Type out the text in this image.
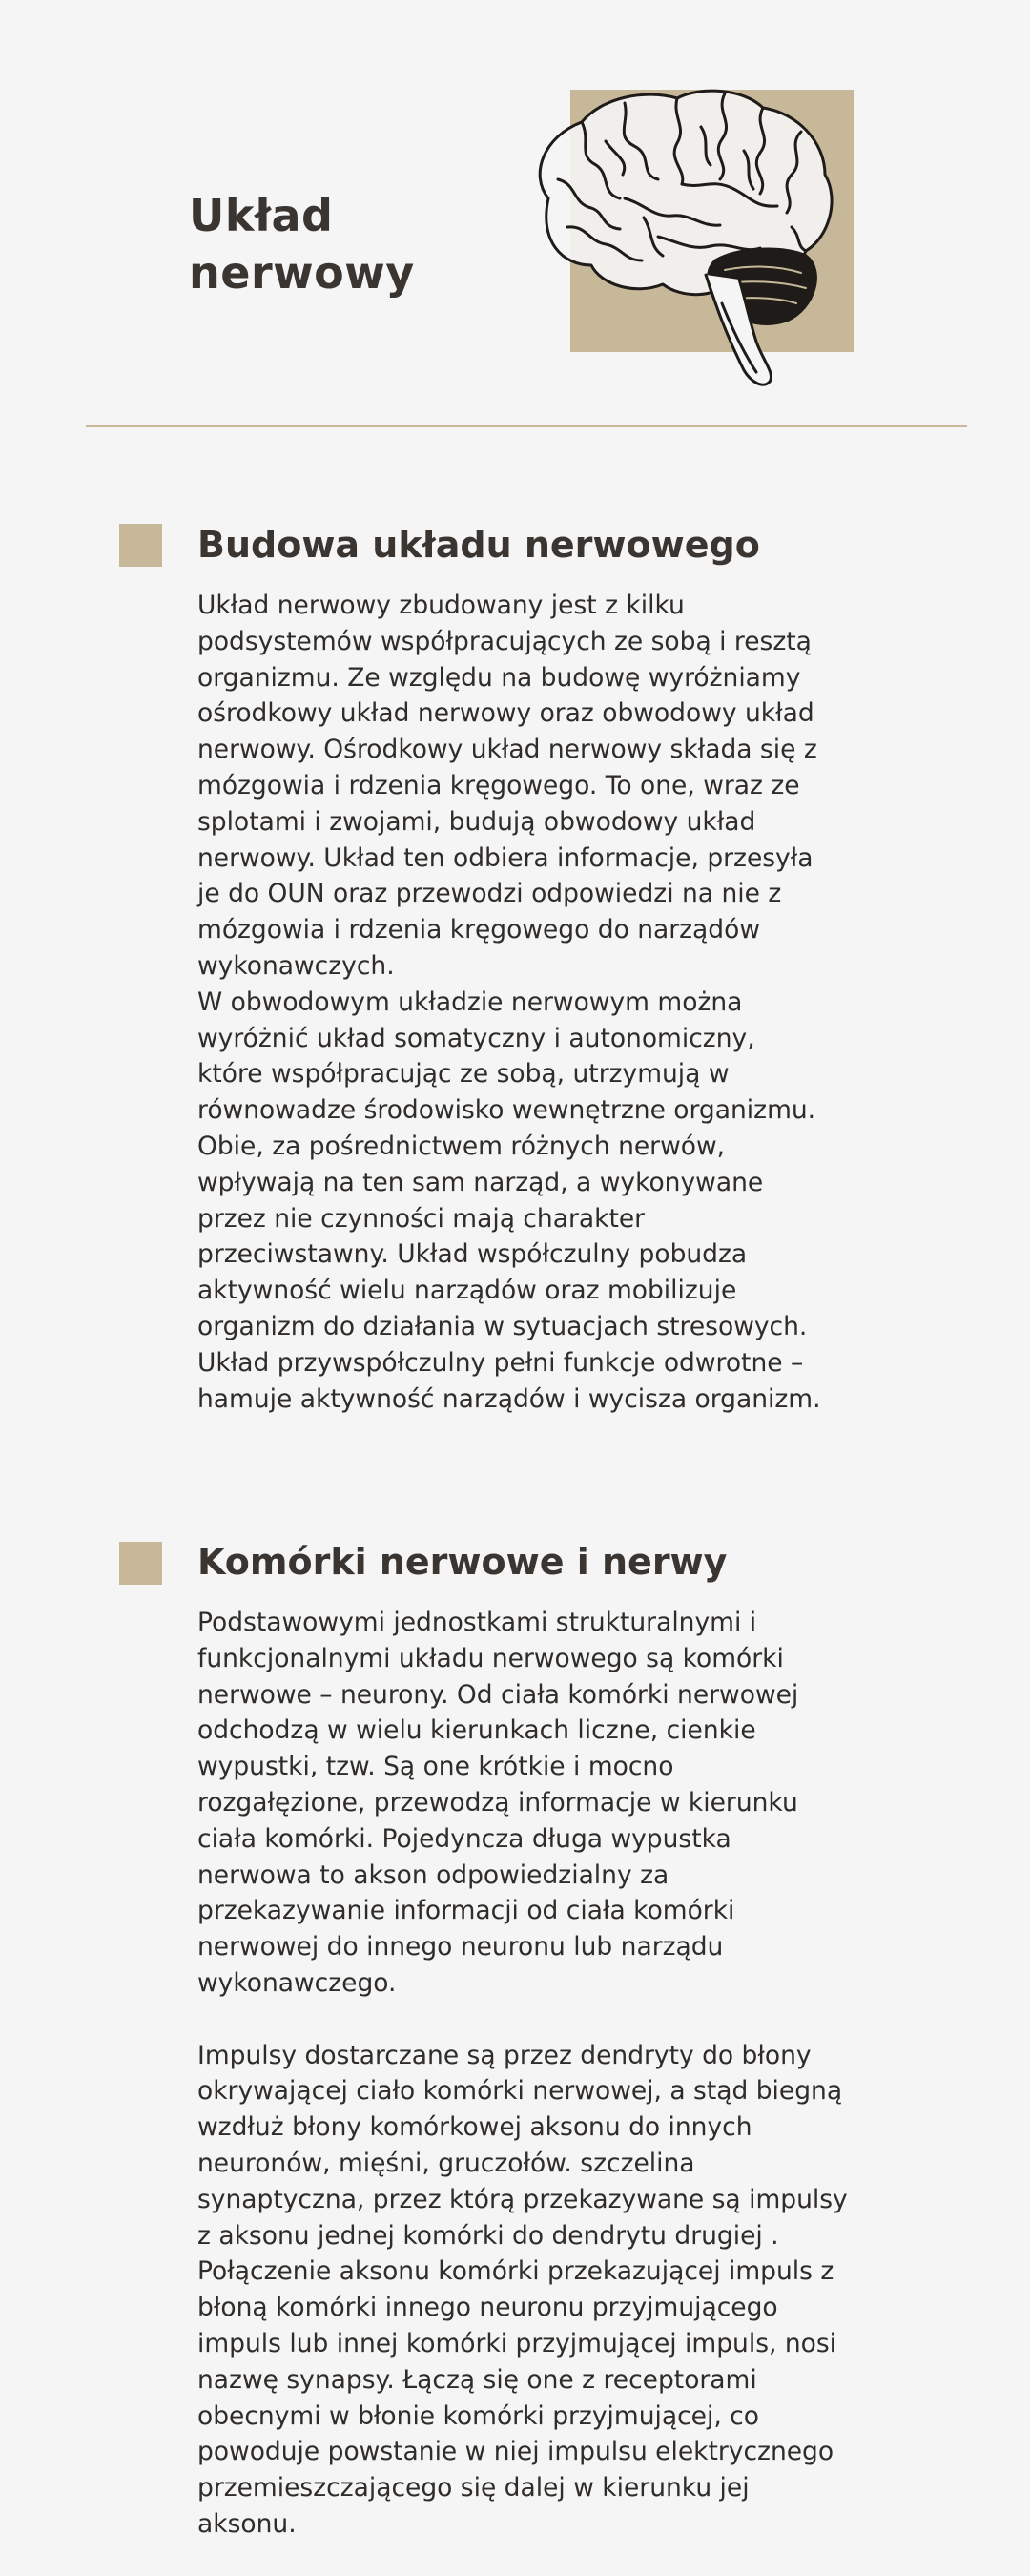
Układ
nerwowy
Budowa układu nerwowego

Układ nerwowy zbudowany jest z kilku
podsystemów współpracujących ze sobą i resztą
organizmu. Ze względu na budowę wyróżniamy
ośrodkowy układ nerwowy oraz obwodowy układ
nerwowy. Ośrodkowy układ nerwowy składa się z
mózgowia i rdzenia kręgowego. To one, wraz ze
splotami i zwojami, budują obwodowy układ
nerwowy. Układ ten odbiera informacje, przesyła
je do OUN oraz przewodzi odpowiedzi na nie z
mózgowia i rdzenia kręgowego do narządów
wykonawczych.
W obwodowym układzie nerwowym można
wyróżnić układ somatyczny i autonomiczny,
które współpracując ze sobą, utrzymują w
równowadze środowisko wewnętrzne organizmu.
Obie, za pośrednictwem różnych nerwów,
wpływają na ten sam narząd, a wykonywane
przez nie czynności mają charakter
przeciwstawny. Układ współczulny pobudza
aktywność wielu narządów oraz mobilizuje
organizm do działania w sytuacjach stresowych.
Układ przywspółczulny pełni funkcje odwrotne –
hamuje aktywność narządów i wycisza organizm.

Komórki nerwowe i nerwy

Podstawowymi jednostkami strukturalnymi i
funkcjonalnymi układu nerwowego są komórki
nerwowe – neurony. Od ciała komórki nerwowej
odchodzą w wielu kierunkach liczne, cienkie
wypustki, tzw. Są one krótkie i mocno
rozgałęzione, przewodzą informacje w kierunku
ciała komórki. Pojedyncza długa wypustka
nerwowa to akson odpowiedzialny za
przekazywanie informacji od ciała komórki
nerwowej do innego neuronu lub narządu
wykonawczego.

Impulsy dostarczane są przez dendryty do błony
okrywającej ciało komórki nerwowej, a stąd biegną
wzdłuż błony komórkowej aksonu do innych
neuronów, mięśni, gruczołów. szczelina
synaptyczna, przez którą przekazywane są impulsy
z aksonu jednej komórki do dendrytu drugiej .
Połączenie aksonu komórki przekazującej impuls z
błoną komórki innego neuronu przyjmującego
impuls lub innej komórki przyjmującej impuls, nosi
nazwę synapsy. Łączą się one z receptorami
obecnymi w błonie komórki przyjmującej, co
powoduje powstanie w niej impulsu elektrycznego
przemieszczającego się dalej w kierunku jej
aksonu.
